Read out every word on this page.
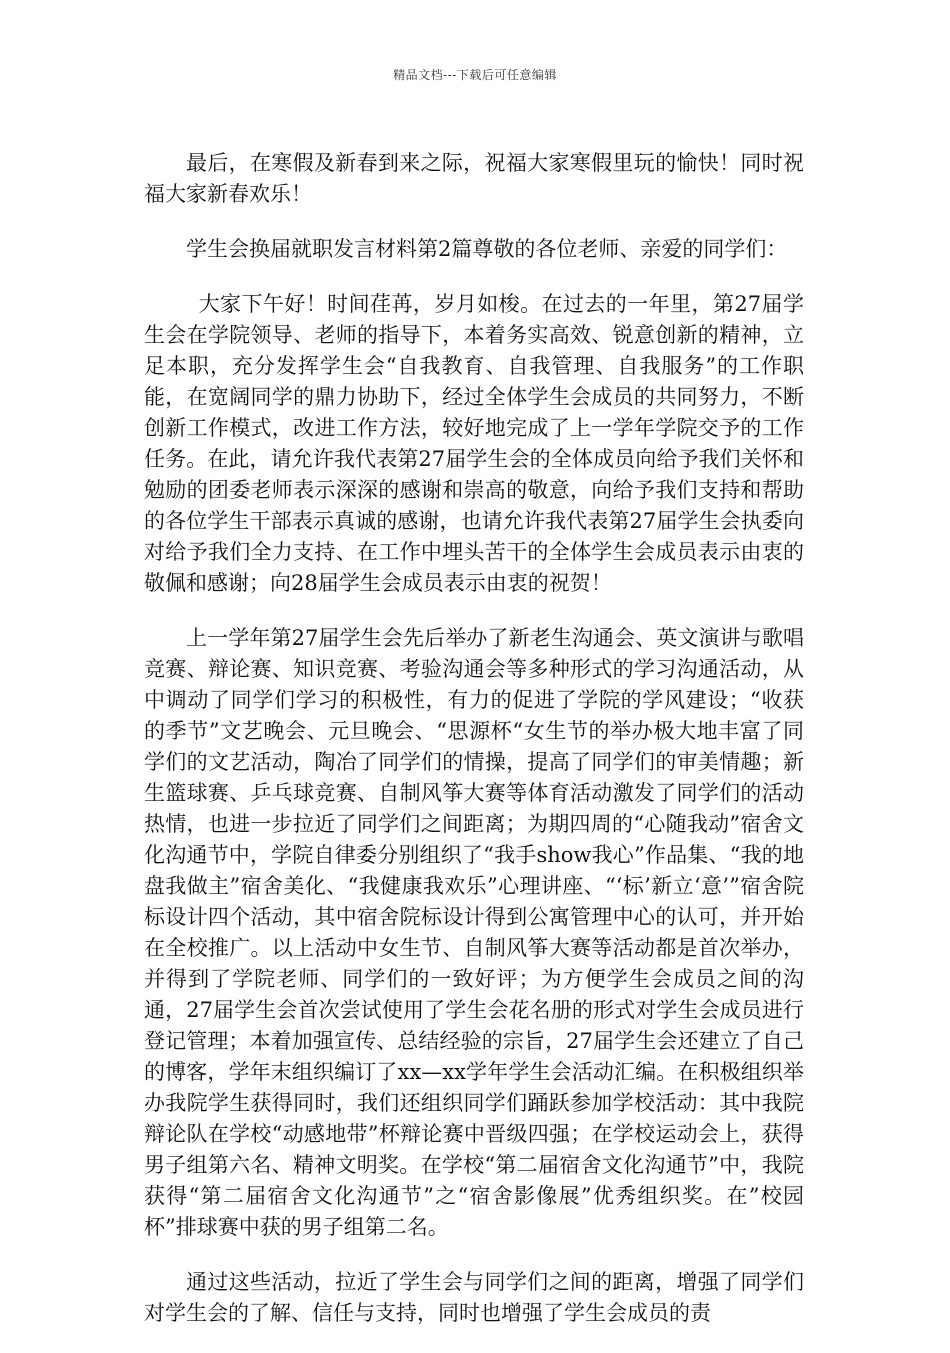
精品文档---下载后可任意编辑

最后，在寒假及新春到来之际，祝福大家寒假里玩的愉快！同时祝福大家新春欢乐！

学生会换届就职发言材料第2篇尊敬的各位老师、亲爱的同学们：

大家下午好！时间荏苒，岁月如梭。在过去的一年里，第27届学生会在学院领导、老师的指导下，本着务实高效、锐意创新的精神，立足本职，充分发挥学生会“自我教育、自我管理、自我服务”的工作职能，在宽阔同学的鼎力协助下，经过全体学生会成员的共同努力，不断创新工作模式，改进工作方法，较好地完成了上一学年学院交予的工作任务。在此，请允许我代表第27届学生会的全体成员向给予我们关怀和勉励的团委老师表示深深的感谢和崇高的敬意，向给予我们支持和帮助的各位学生干部表示真诚的感谢，也请允许我代表第27届学生会执委向对给予我们全力支持、在工作中埋头苦干的全体学生会成员表示由衷的敬佩和感谢；向28届学生会成员表示由衷的祝贺！

上一学年第27届学生会先后举办了新老生沟通会、英文演讲与歌唱竞赛、辩论赛、知识竞赛、考验沟通会等多种形式的学习沟通活动，从中调动了同学们学习的积极性，有力的促进了学院的学风建设；“收获的季节”文艺晚会、元旦晚会、“思源杯“女生节的举办极大地丰富了同学们的文艺活动，陶冶了同学们的情操，提高了同学们的审美情趣；新生篮球赛、乒乓球竞赛、自制风筝大赛等体育活动激发了同学们的活动热情，也进一步拉近了同学们之间距离；为期四周的“心随我动”宿舍文化沟通节中，学院自律委分别组织了“我手show我心”作品集、“我的地盘我做主”宿舍美化、“我健康我欢乐”心理讲座、“‘标’新立‘意’”宿舍院标设计四个活动，其中宿舍院标设计得到公寓管理中心的认可，并开始在全校推广。以上活动中女生节、自制风筝大赛等活动都是首次举办，并得到了学院老师、同学们的一致好评；为方便学生会成员之间的沟通，27届学生会首次尝试使用了学生会花名册的形式对学生会成员进行登记管理；本着加强宣传、总结经验的宗旨，27届学生会还建立了自己的博客，学年末组织编订了xx—xx学年学生会活动汇编。在积极组织举办我院学生获得同时，我们还组织同学们踊跃参加学校活动：其中我院辩论队在学校“动感地带”杯辩论赛中晋级四强；在学校运动会上，获得男子组第六名、精神文明奖。在学校“第二届宿舍文化沟通节”中，我院获得“第二届宿舍文化沟通节”之“宿舍影像展”优秀组织奖。在”校园杯”排球赛中获的男子组第二名。

通过这些活动，拉近了学生会与同学们之间的距离，增强了同学们对学生会的了解、信任与支持，同时也增强了学生会成员的责
